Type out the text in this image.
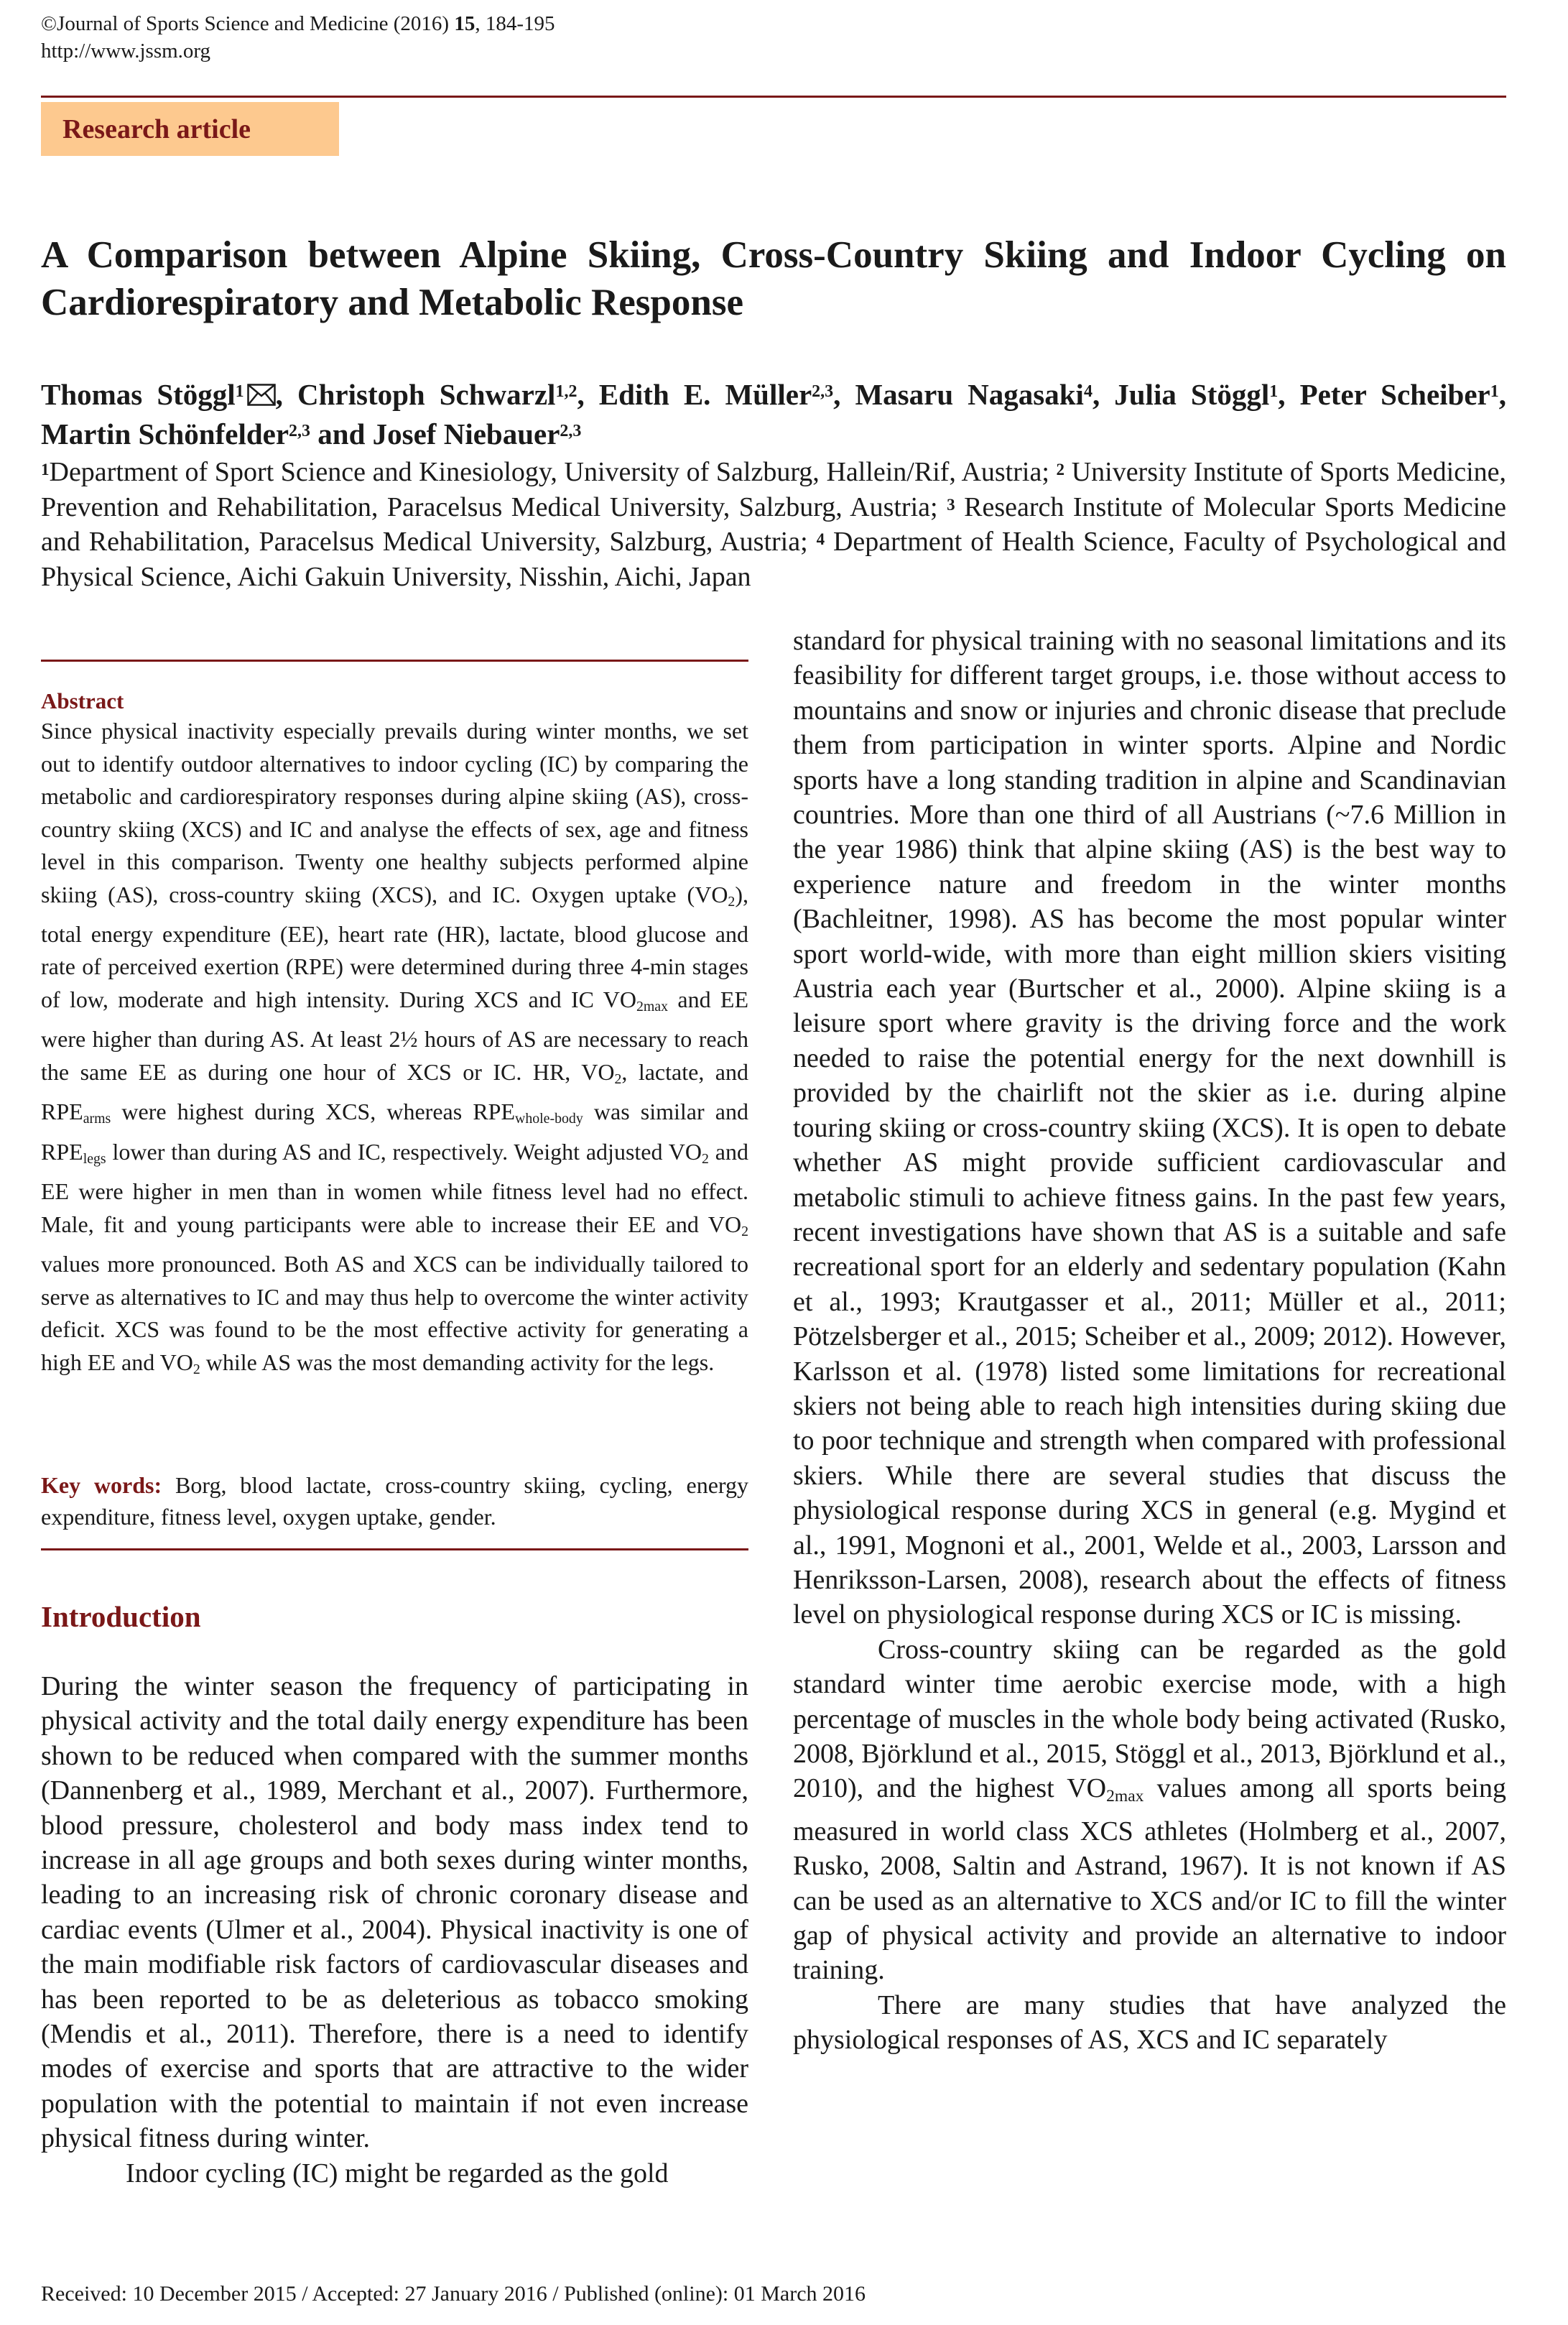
©Journal of Sports Science and Medicine (2016) 15, 184-195
http://www.jssm.org
Research article
A Comparison between Alpine Skiing, Cross-Country Skiing and Indoor Cycling on Cardiorespiratory and Metabolic Response
Thomas Stöggl$^1$ , Christoph Schwarzl$^{1,2}$, Edith E. Müller$^{2,3}$, Masaru Nagasaki$^4$, Julia Stöggl$^1$, Peter Scheiber$^1$, Martin Schönfelder$^{2,3}$ and Josef Niebauer$^{2,3}$
$^1$Department of Sport Science and Kinesiology, University of Salzburg, Hallein/Rif, Austria; $^2$ University Institute of Sports Medicine, Prevention and Rehabilitation, Paracelsus Medical University, Salzburg, Austria; $^3$ Research Institute of Molecular Sports Medicine and Rehabilitation, Paracelsus Medical University, Salzburg, Austria; $^4$ Department of Health Science, Faculty of Psychological and Physical Science, Aichi Gakuin University, Nisshin, Aichi, Japan
Abstract
Since physical inactivity especially prevails during winter months, we set out to identify outdoor alternatives to indoor cycling (IC) by comparing the metabolic and cardiorespiratory responses during alpine skiing (AS), cross-country skiing (XCS) and IC and analyse the effects of sex, age and fitness level in this comparison. Twenty one healthy subjects performed alpine skiing (AS), cross-country skiing (XCS), and IC. Oxygen uptake $(VO_2)$, total energy expenditure (EE), heart rate (HR), lactate, blood glucose and rate of perceived exertion (RPE) were determined during three 4-min stages of low, moderate and high intensity. During XCS and IC $VO_{2max}$ and EE were higher than during AS. At least 2½ hours of AS are necessary to reach the same EE as during one hour of XCS or IC. HR, $VO_2$, lactate, and $RPE_{arms}$ were highest during XCS, whereas $RPE_{whole-body}$ was similar and $RPE_{legs}$ lower than during AS and IC, respectively. Weight adjusted $VO_2$ and EE were higher in men than in women while fitness level had no effect. Male, fit and young participants were able to increase their EE and $VO_2$ values more pronounced. Both AS and XCS can be individually tailored to serve as alternatives to IC and may thus help to overcome the winter activity deficit. XCS was found to be the most effective activity for generating a high EE and $VO_2$ while AS was the most demanding activity for the legs.
Key words: Borg, blood lactate, cross-country skiing, cycling, energy expenditure, fitness level, oxygen uptake, gender.
Introduction

During the winter season the frequency of participating in physical activity and the total daily energy expenditure has been shown to be reduced when compared with the summer months (Dannenberg et al., 1989, Merchant et al., 2007). Furthermore, blood pressure, cholesterol and body mass index tend to increase in all age groups and both sexes during winter months, leading to an increasing risk of chronic coronary disease and cardiac events (Ulmer et al., 2004). Physical inactivity is one of the main modifiable risk factors of cardiovascular diseases and has been reported to be as deleterious as tobacco smoking (Mendis et al., 2011). Therefore, there is a need to identify modes of exercise and sports that are attractive to the wider population with the potential to maintain if not even increase physical fitness during winter.

Indoor cycling (IC) might be regarded as the gold

standard for physical training with no seasonal limitations and its feasibility for different target groups, i.e. those without access to mountains and snow or injuries and chronic disease that preclude them from participation in winter sports. Alpine and Nordic sports have a long standing tradition in alpine and Scandinavian countries. More than one third of all Austrians (~7.6 Million in the year 1986) think that alpine skiing (AS) is the best way to experience nature and freedom in the winter months (Bachleitner, 1998). AS has become the most popular winter sport world-wide, with more than eight million skiers visiting Austria each year (Burtscher et al., 2000). Alpine skiing is a leisure sport where gravity is the driving force and the work needed to raise the potential energy for the next downhill is provided by the chairlift not the skier as i.e. during alpine touring skiing or cross-country skiing (XCS). It is open to debate whether AS might provide sufficient cardiovascular and metabolic stimuli to achieve fitness gains. In the past few years, recent investigations have shown that AS is a suitable and safe recreational sport for an elderly and sedentary population (Kahn et al., 1993; Krautgasser et al., 2011; Müller et al., 2011; Pötzelsberger et al., 2015; Scheiber et al., 2009; 2012). However, Karlsson et al. (1978) listed some limitations for recreational skiers not being able to reach high intensities during skiing due to poor technique and strength when compared with professional skiers. While there are several studies that discuss the physiological response during XCS in general (e.g. Mygind et al., 1991, Mognoni et al., 2001, Welde et al., 2003, Larsson and Henriksson-Larsen, 2008), research about the effects of fitness level on physiological response during XCS or IC is missing.

Cross-country skiing can be regarded as the gold standard winter time aerobic exercise mode, with a high percentage of muscles in the whole body being activated (Rusko, 2008, Björklund et al., 2015, Stöggl et al., 2013, Björklund et al., 2010), and the highest $VO_{2max}$ values among all sports being measured in world class XCS athletes (Holmberg et al., 2007, Rusko, 2008, Saltin and Astrand, 1967). It is not known if AS can be used as an alternative to XCS and/or IC to fill the winter gap of physical activity and provide an alternative to indoor training.

There are many studies that have analyzed the physiological responses of AS, XCS and IC separately

Received: 10 December 2015 / Accepted: 27 January 2016 / Published (online): 01 March 2016
